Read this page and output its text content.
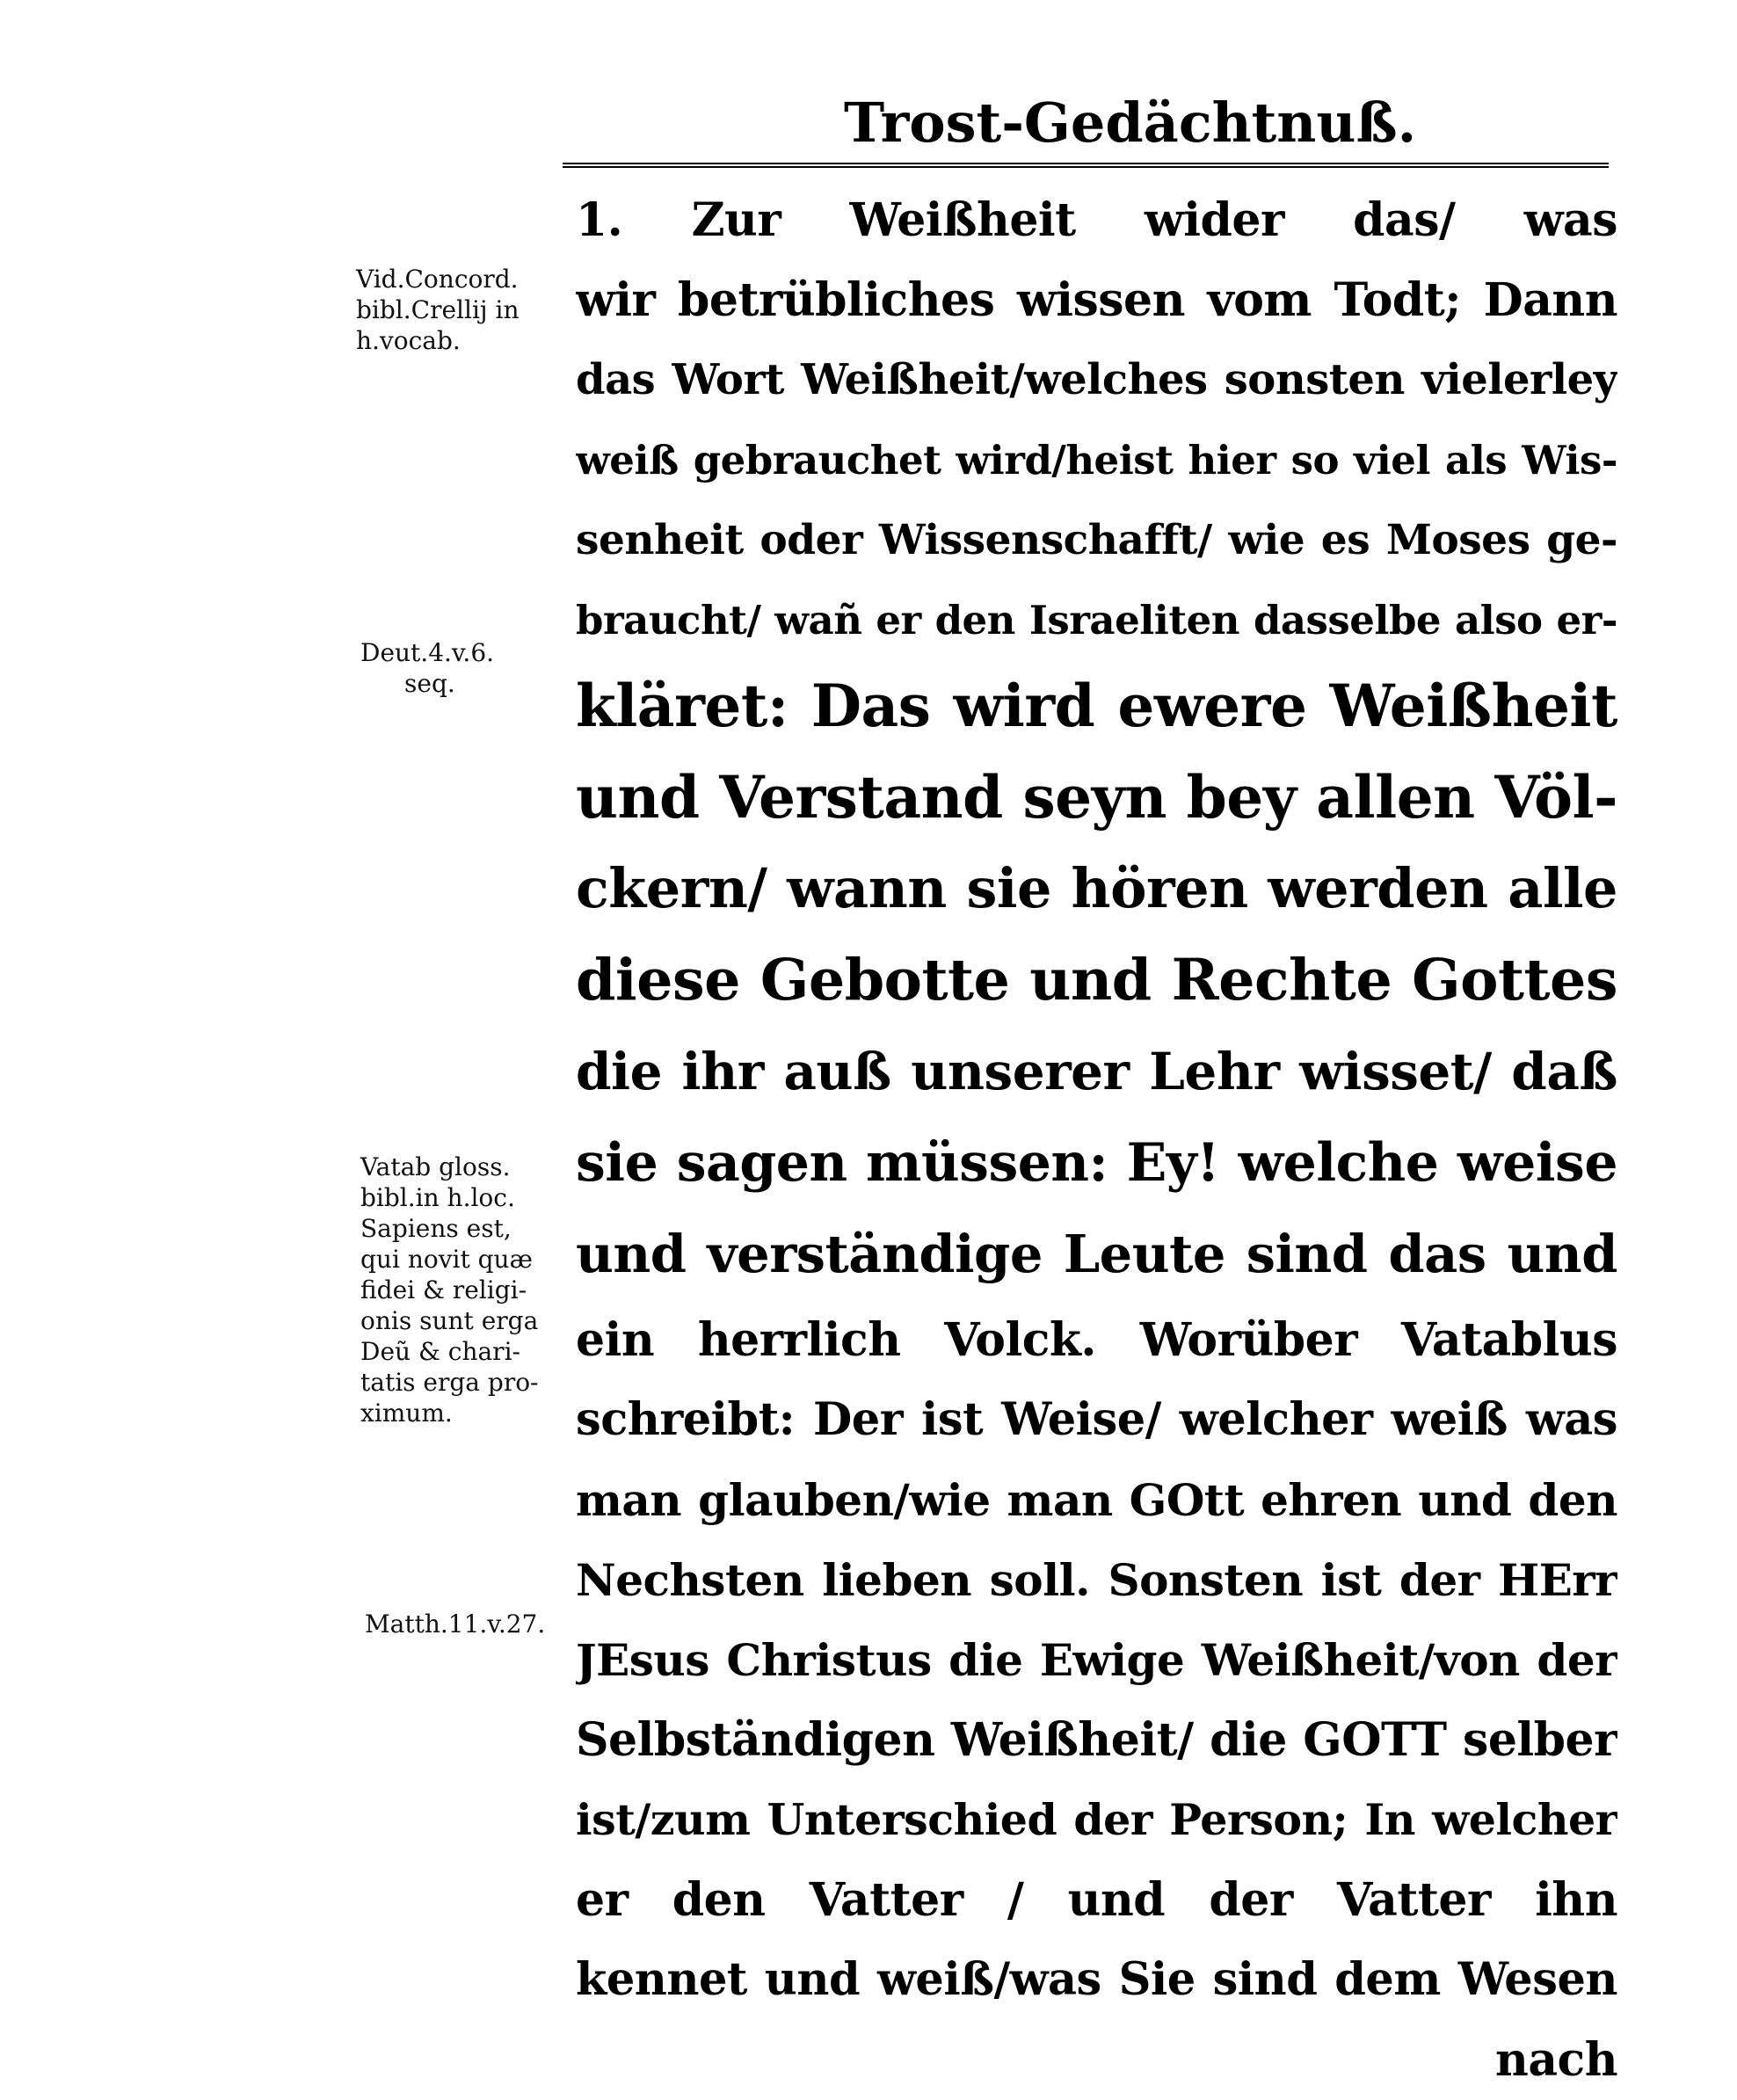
Trost-Gedächtnuß.
Vid.Concord.
bibl.Crellij in
h.vocab.
Deut.4.v.6.
seq.
Vatab gloss.
bibl.in h.loc.
Sapiens est,
qui novit quæ
fidei & religi-
onis sunt erga
Deũ & chari-
tatis erga pro-
ximum.
Matth.11.v.27.
1. Zur Weißheit wider das/ was
wir betrübliches wissen vom Todt; Dann
das Wort Weißheit/welches sonsten vielerley
weiß gebrauchet wird/heist hier so viel als Wis-
senheit oder Wissenschafft/ wie es Moses ge-
braucht/ wañ er den Israeliten dasselbe also er-
kläret: Das wird ewere Weißheit
und Verstand seyn bey allen Völ-
ckern/ wann sie hören werden alle
diese Gebotte und Rechte Gottes
die ihr auß unserer Lehr wisset/ daß
sie sagen müssen: Ey! welche weise
und verständige Leute sind das und
ein herrlich Volck. Worüber Vatablus
schreibt: Der ist Weise/ welcher weiß was
man glauben/wie man GOtt ehren und den
Nechsten lieben soll. Sonsten ist der HErr
JEsus Christus die Ewige Weißheit/von der
Selbständigen Weißheit/ die GOTT selber
ist/zum Unterschied der Person; In welcher
er den Vatter / und der Vatter ihn
kennet und weiß/was Sie sind dem Wesen
nach
